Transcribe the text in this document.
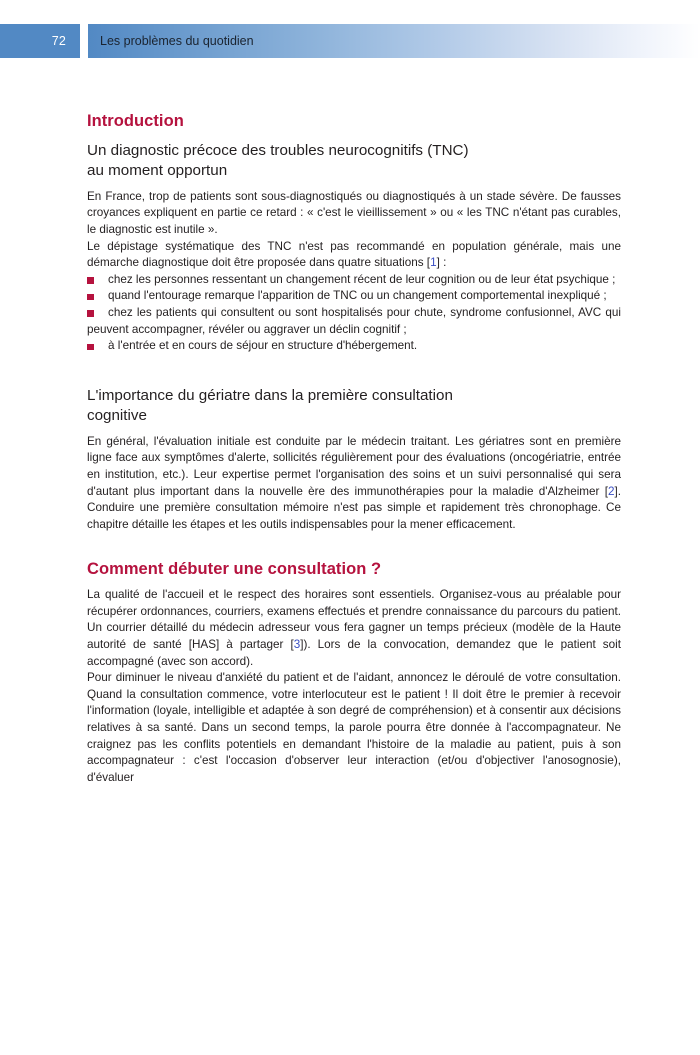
72	Les problèmes du quotidien
Introduction
Un diagnostic précoce des troubles neurocognitifs (TNC)
au moment opportun

En France, trop de patients sont sous-diagnostiqués ou diagnostiqués à un stade sévère. De fausses croyances expliquent en partie ce retard : « c'est le vieillissement » ou « les TNC n'étant pas curables, le diagnostic est inutile ».

Le dépistage systématique des TNC n'est pas recommandé en population générale, mais une démarche diagnostique doit être proposée dans quatre situations [1] :

chez les personnes ressentant un changement récent de leur cognition ou de leur état psychique ;
quand l'entourage remarque l'apparition de TNC ou un changement comportemental inexpliqué ;
chez les patients qui consultent ou sont hospitalisés pour chute, syndrome confusionnel, AVC qui peuvent accompagner, révéler ou aggraver un déclin cognitif ;
à l'entrée et en cours de séjour en structure d'hébergement.
L'importance du gériatre dans la première consultation
cognitive

En général, l'évaluation initiale est conduite par le médecin traitant. Les gériatres sont en première ligne face aux symptômes d'alerte, sollicités régulièrement pour des évaluations (oncogériatrie, entrée en institution, etc.). Leur expertise permet l'organisation des soins et un suivi personnalisé qui sera d'autant plus important dans la nouvelle ère des immunothérapies pour la maladie d'Alzheimer [2]. Conduire une première consultation mémoire n'est pas simple et rapidement très chronophage. Ce chapitre détaille les étapes et les outils indispensables pour la mener efficacement.

Comment débuter une consultation ?

La qualité de l'accueil et le respect des horaires sont essentiels. Organisez-vous au préalable pour récupérer ordonnances, courriers, examens effectués et prendre connaissance du parcours du patient. Un courrier détaillé du médecin adresseur vous fera gagner un temps précieux (modèle de la Haute autorité de santé [HAS] à partager [3]). Lors de la convocation, demandez que le patient soit accompagné (avec son accord).

Pour diminuer le niveau d'anxiété du patient et de l'aidant, annoncez le déroulé de votre consultation. Quand la consultation commence, votre interlocuteur est le patient ! Il doit être le premier à recevoir l'information (loyale, intelligible et adaptée à son degré de compréhension) et à consentir aux décisions relatives à sa santé. Dans un second temps, la parole pourra être donnée à l'accompagnateur. Ne craignez pas les conflits potentiels en demandant l'histoire de la maladie au patient, puis à son accompagnateur : c'est l'occasion d'observer leur interaction (et/ou d'objectiver l'anosognosie), d'évaluer
